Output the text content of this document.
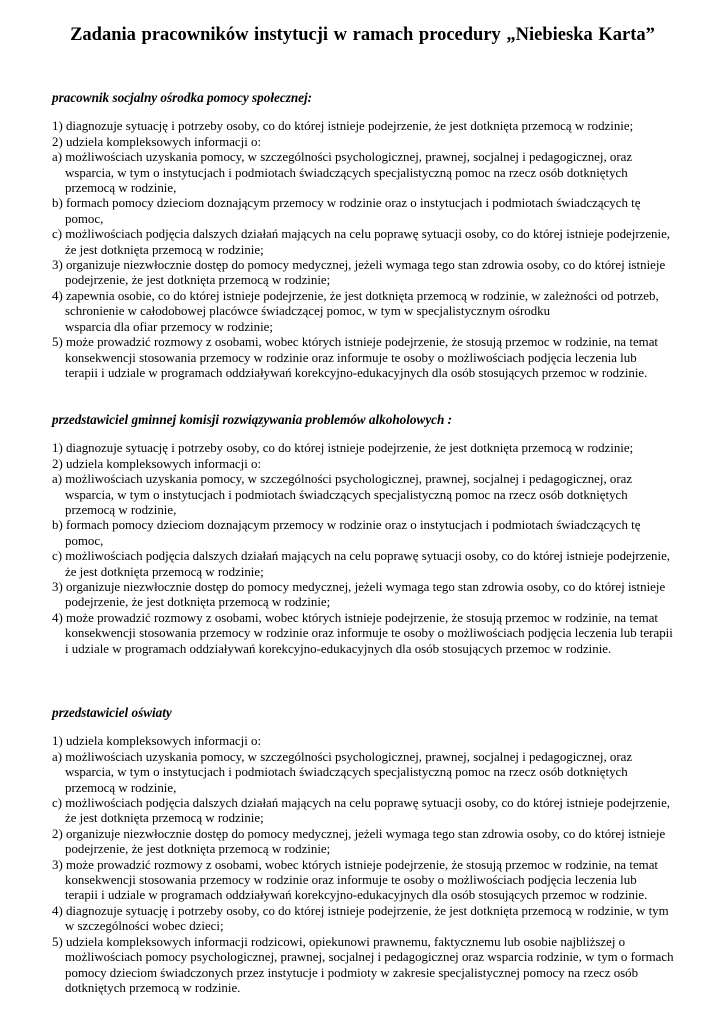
Zadania pracowników instytucji w ramach procedury „Niebieska Karta”
pracownik socjalny ośrodka pomocy społecznej:
1) diagnozuje sytuację i potrzeby osoby, co do której istnieje podejrzenie, że jest dotknięta przemocą w rodzinie;
2) udziela kompleksowych informacji o:
a) możliwościach uzyskania pomocy, w szczególności psychologicznej, prawnej, socjalnej i pedagogicznej, oraz
wsparcia, w tym o instytucjach i podmiotach świadczących specjalistyczną pomoc na rzecz osób dotkniętych
przemocą w rodzinie,
b) formach pomocy dzieciom doznającym przemocy w rodzinie oraz o instytucjach i podmiotach świadczących tę
pomoc,
c) możliwościach podjęcia dalszych działań mających na celu poprawę sytuacji osoby, co do której istnieje podejrzenie,
że jest dotknięta przemocą w rodzinie;
3) organizuje niezwłocznie dostęp do pomocy medycznej, jeżeli wymaga tego stan zdrowia osoby, co do której istnieje
podejrzenie, że jest dotknięta przemocą w rodzinie;
4) zapewnia osobie, co do której istnieje podejrzenie, że jest dotknięta przemocą w rodzinie, w zależności od potrzeb,
schronienie w całodobowej placówce świadczącej pomoc, w tym w specjalistycznym ośrodku
wsparcia dla ofiar przemocy w rodzinie;
5) może prowadzić rozmowy z osobami, wobec których istnieje podejrzenie, że stosują przemoc w rodzinie, na temat
konsekwencji stosowania przemocy w rodzinie oraz informuje te osoby o możliwościach podjęcia leczenia lub
terapii i udziale w programach oddziaływań korekcyjno-edukacyjnych dla osób stosujących przemoc w rodzinie.
przedstawiciel gminnej komisji rozwiązywania problemów alkoholowych :
1) diagnozuje sytuację i potrzeby osoby, co do której istnieje podejrzenie, że jest dotknięta przemocą w rodzinie;
2) udziela kompleksowych informacji o:
a) możliwościach uzyskania pomocy, w szczególności psychologicznej, prawnej, socjalnej i pedagogicznej, oraz
wsparcia, w tym o instytucjach i podmiotach świadczących specjalistyczną pomoc na rzecz osób dotkniętych
przemocą w rodzinie,
b) formach pomocy dzieciom doznającym przemocy w rodzinie oraz o instytucjach i podmiotach świadczących tę
pomoc,
c) możliwościach podjęcia dalszych działań mających na celu poprawę sytuacji osoby, co do której istnieje podejrzenie,
że jest dotknięta przemocą w rodzinie;
3) organizuje niezwłocznie dostęp do pomocy medycznej, jeżeli wymaga tego stan zdrowia osoby, co do której istnieje
podejrzenie, że jest dotknięta przemocą w rodzinie;
4) może prowadzić rozmowy z osobami, wobec których istnieje podejrzenie, że stosują przemoc w rodzinie, na temat
konsekwencji stosowania przemocy w rodzinie oraz informuje te osoby o możliwościach podjęcia leczenia lub terapii
i udziale w programach oddziaływań korekcyjno-edukacyjnych dla osób stosujących przemoc w rodzinie.
przedstawiciel oświaty
1) udziela kompleksowych informacji o:
a) możliwościach uzyskania pomocy, w szczególności psychologicznej, prawnej, socjalnej i pedagogicznej, oraz
wsparcia, w tym o instytucjach i podmiotach świadczących specjalistyczną pomoc na rzecz osób dotkniętych
przemocą w rodzinie,
c) możliwościach podjęcia dalszych działań mających na celu poprawę sytuacji osoby, co do której istnieje podejrzenie,
że jest dotknięta przemocą w rodzinie;
2) organizuje niezwłocznie dostęp do pomocy medycznej, jeżeli wymaga tego stan zdrowia osoby, co do której istnieje
podejrzenie, że jest dotknięta przemocą w rodzinie;
3) może prowadzić rozmowy z osobami, wobec których istnieje podejrzenie, że stosują przemoc w rodzinie, na temat
konsekwencji stosowania przemocy w rodzinie oraz informuje te osoby o możliwościach podjęcia leczenia lub
terapii i udziale w programach oddziaływań korekcyjno-edukacyjnych dla osób stosujących przemoc w rodzinie.
4) diagnozuje sytuację i potrzeby osoby, co do której istnieje podejrzenie, że jest dotknięta przemocą w rodzinie, w tym
w szczególności wobec dzieci;
5) udziela kompleksowych informacji rodzicowi, opiekunowi prawnemu, faktycznemu lub osobie najbliższej o
możliwościach pomocy psychologicznej, prawnej, socjalnej i pedagogicznej oraz wsparcia rodzinie, w tym o formach
pomocy dzieciom świadczonych przez instytucje i podmioty w zakresie specjalistycznej pomocy na rzecz osób
dotkniętych przemocą w rodzinie.
